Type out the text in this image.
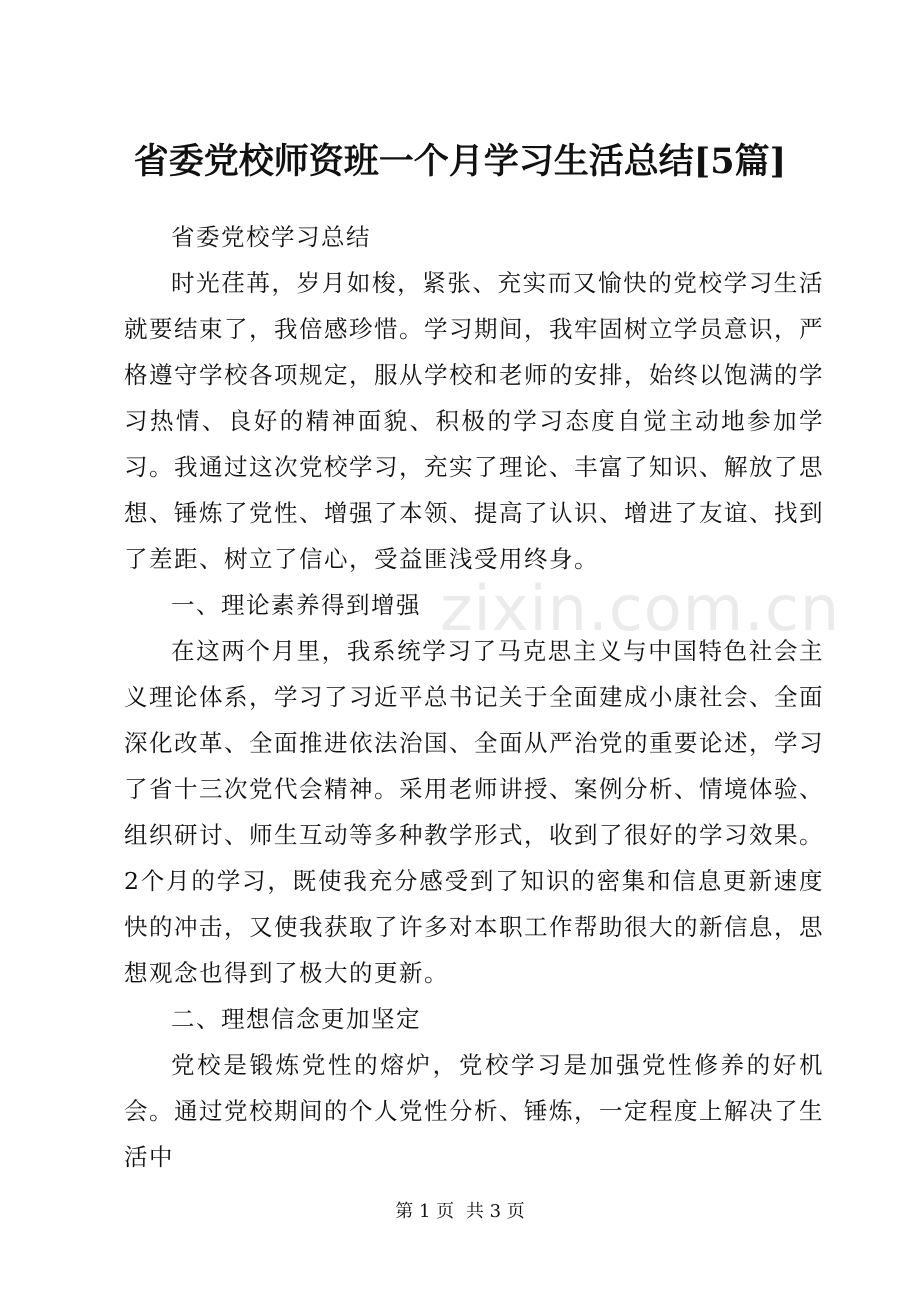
省委党校师资班一个月学习生活总结[5篇]

省委党校学习总结

时光荏苒，岁月如梭，紧张、充实而又愉快的党校学习生活就要结束了，我倍感珍惜。学习期间，我牢固树立学员意识，严格遵守学校各项规定，服从学校和老师的安排，始终以饱满的学习热情、良好的精神面貌、积极的学习态度自觉主动地参加学习。我通过这次党校学习，充实了理论、丰富了知识、解放了思想、锤炼了党性、增强了本领、提高了认识、增进了友谊、找到了差距、树立了信心，受益匪浅受用终身。

一、理论素养得到增强

在这两个月里，我系统学习了马克思主义与中国特色社会主义理论体系，学习了习近平总书记关于全面建成小康社会、全面深化改革、全面推进依法治国、全面从严治党的重要论述，学习了省十三次党代会精神。采用老师讲授、案例分析、情境体验、组织研讨、师生互动等多种教学形式，收到了很好的学习效果。2个月的学习，既使我充分感受到了知识的密集和信息更新速度快的冲击，又使我获取了许多对本职工作帮助很大的新信息，思想观念也得到了极大的更新。

二、理想信念更加坚定

党校是锻炼党性的熔炉，党校学习是加强党性修养的好机会。通过党校期间的个人党性分析、锤炼，一定程度上解决了生活中

zixin.com.cn
第 1 页 共 3 页
